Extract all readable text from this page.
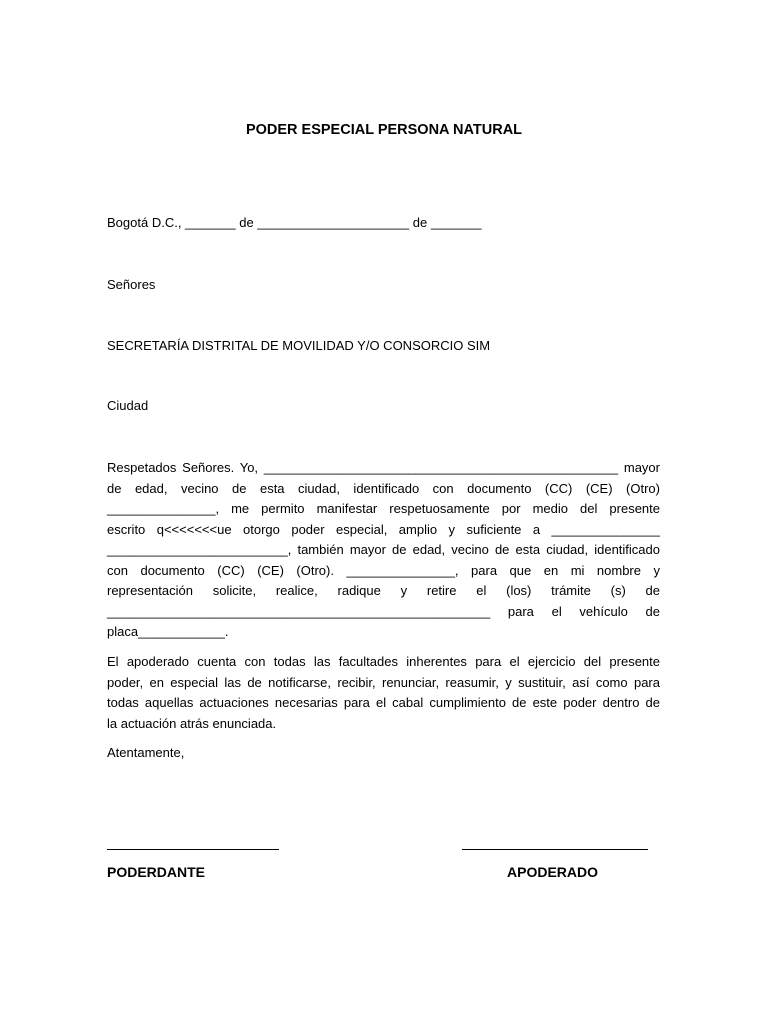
PODER ESPECIAL PERSONA NATURAL
Bogotá D.C., _______ de _____________________ de _______
Señores
SECRETARÍA DISTRITAL DE MOVILIDAD Y/O CONSORCIO SIM
Ciudad
Respetados Señores. Yo, _________________________________________________ mayor
de edad, vecino de esta ciudad, identificado con documento (CC) (CE) (Otro)
_______________, me permito manifestar respetuosamente por medio del presente
escrito q<<<<<<<ue otorgo poder especial, amplio y suficiente a _______________
_________________________, también mayor de edad, vecino de esta ciudad, identificado
con documento (CC) (CE) (Otro). _______________, para que en mi nombre y
representación solicite, realice, radique y retire el (los) trámite (s) de
_____________________________________________________ para el vehículo de
placa____________.
El apoderado cuenta con todas las facultades inherentes para el ejercicio del presente
poder, en especial las de notificarse, recibir, renunciar, reasumir, y sustituir, así como para
todas aquellas actuaciones necesarias para el cabal cumplimiento de este poder dentro de
la actuación atrás enunciada.
Atentamente,
PODERDANTE	APODERADO
